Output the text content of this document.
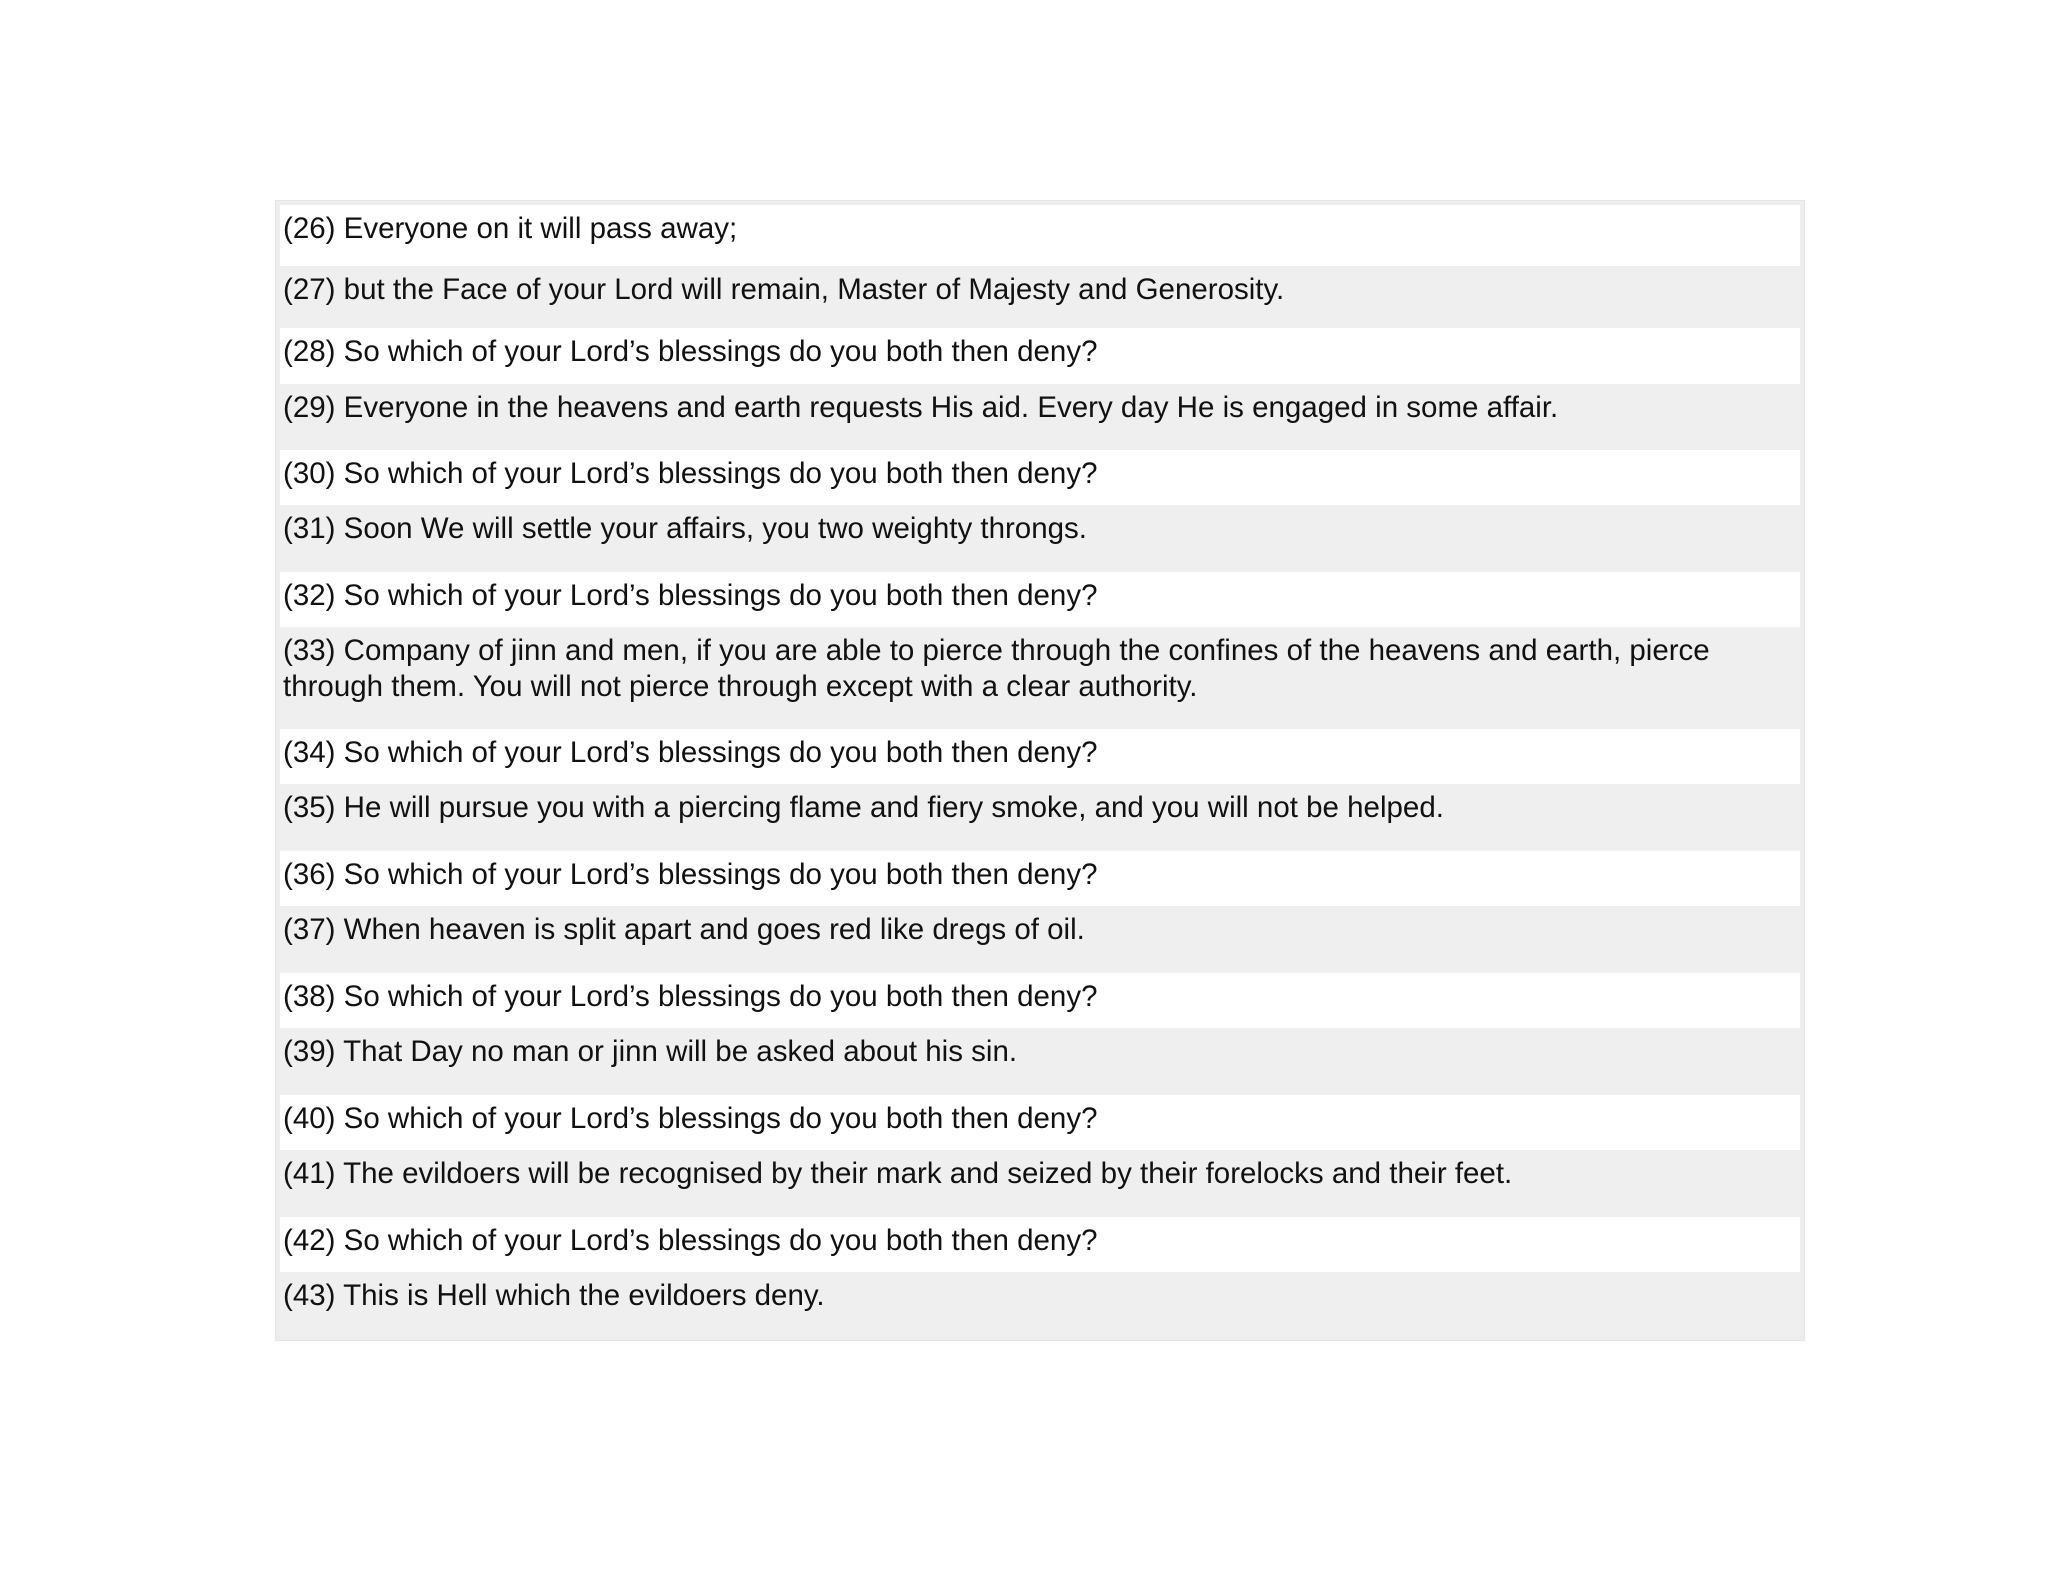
(26) Everyone on it will pass away;
(27) but the Face of your Lord will remain, Master of Majesty and Generosity.
(28) So which of your Lord’s blessings do you both then deny?
(29) Everyone in the heavens and earth requests His aid. Every day He is engaged in some affair.
(30) So which of your Lord’s blessings do you both then deny?
(31) Soon We will settle your affairs, you two weighty throngs.
(32) So which of your Lord’s blessings do you both then deny?
(33) Company of jinn and men, if you are able to pierce through the confines of the heavens and earth, pierce through them. You will not pierce through except with a clear authority.
(34) So which of your Lord’s blessings do you both then deny?
(35) He will pursue you with a piercing flame and fiery smoke, and you will not be helped.
(36) So which of your Lord’s blessings do you both then deny?
(37) When heaven is split apart and goes red like dregs of oil.
(38) So which of your Lord’s blessings do you both then deny?
(39) That Day no man or jinn will be asked about his sin.
(40) So which of your Lord’s blessings do you both then deny?
(41) The evildoers will be recognised by their mark and seized by their forelocks and their feet.
(42) So which of your Lord’s blessings do you both then deny?
(43) This is Hell which the evildoers deny.
